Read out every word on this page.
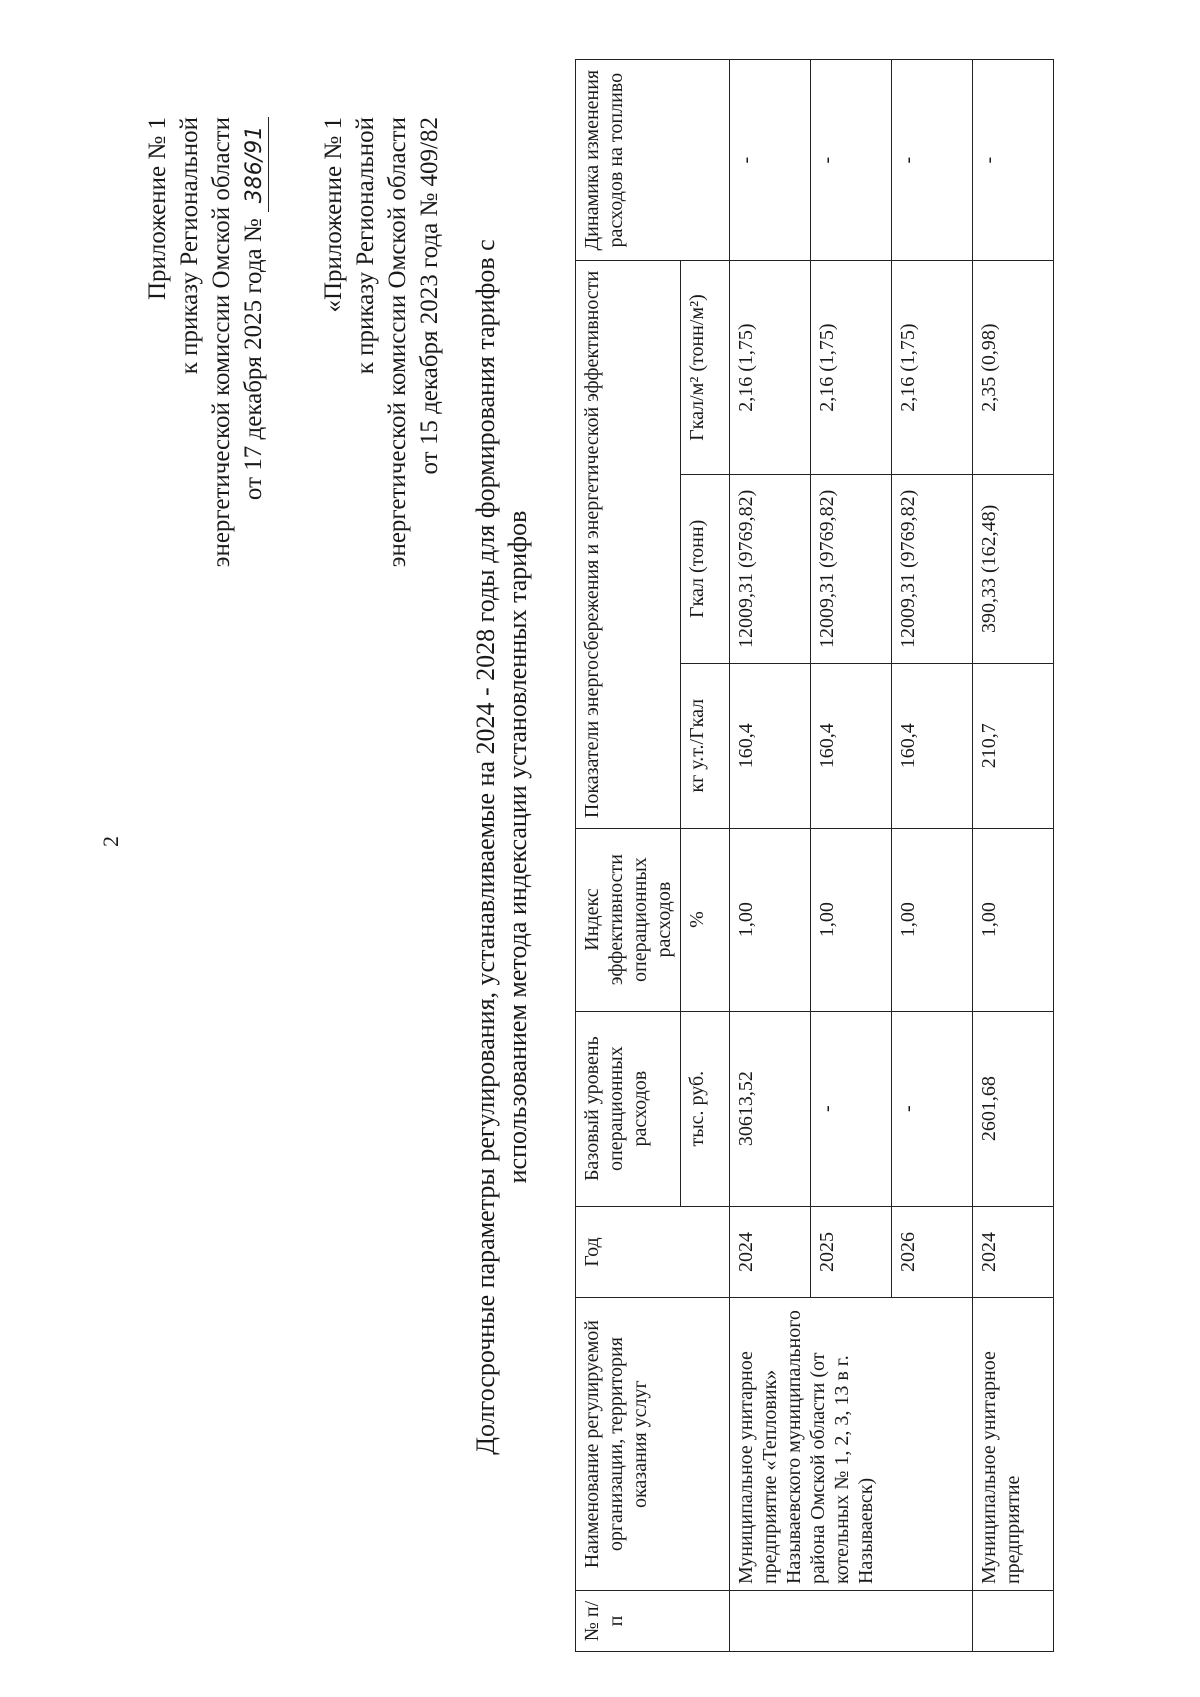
2
Приложение № 1 к приказу Региональной энергетической комиссии Омской области от 17 декабря 2025 года № 386/91
«Приложение № 1 к приказу Региональной энергетической комиссии Омской области от 15 декабря 2023 года № 409/82 Долгосрочные параметры регулирования, устанавливаемые на 2024 - 2028 годы для формирования тарифов с использованием метода индексации установленных тарифов
№ п/п	Наименование регулируемой организации, территория оказания услуг	Год	Базовый уровень операционных расходов	Индекс эффективности операционных расходов	Показатели энергосбережения и энергетической эффективности			Динамика изменения расходов на топливо
			тыс. руб.	%	кг у.т./Гкал	Гкал (тонн)	Гкал/м² (тонн/м²)	
	Муниципальное унитарное предприятие «Тепловик» Называевского муниципального района Омской области (от котельных № 1, 2, 3, 13 в г. Называевск)	2024	30613,52	1,00	160,4	12009,31 (9769,82)	2,16 (1,75)	-
		2025	-	1,00	160,4	12009,31 (9769,82)	2,16 (1,75)	-
		2026	-	1,00	160,4	12009,31 (9769,82)	2,16 (1,75)	-
	Муниципальное унитарное предприятие	2024	2601,68	1,00	210,7	390,33 (162,48)	2,35 (0,98)	-
